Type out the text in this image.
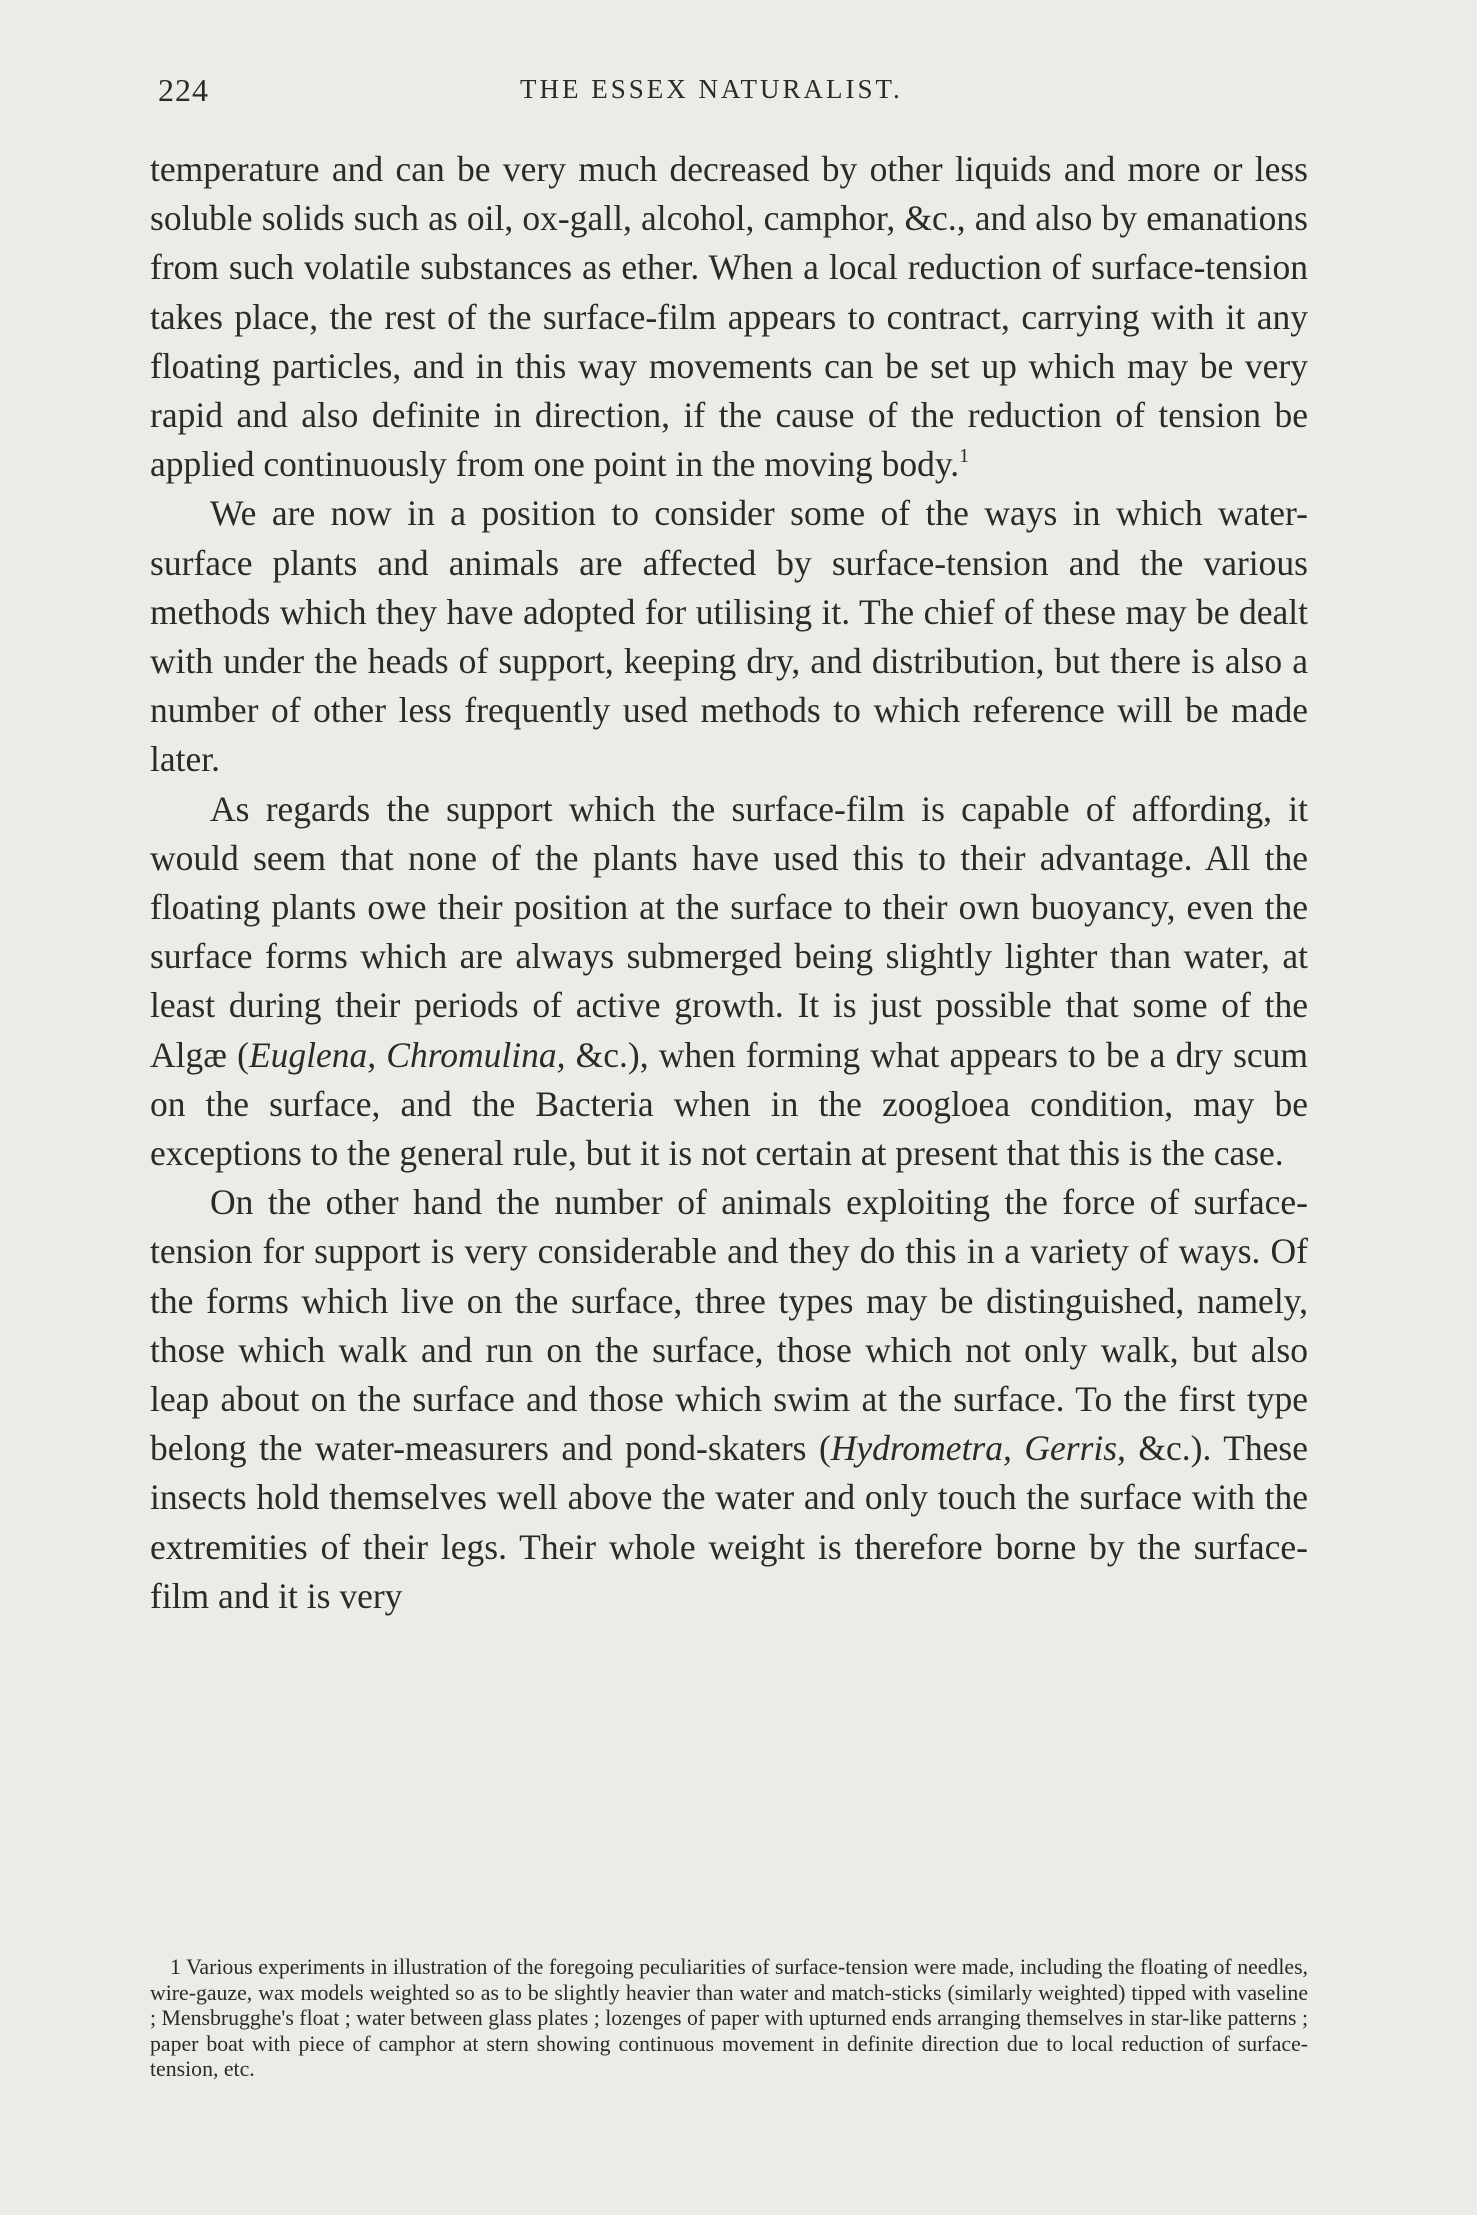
224	THE ESSEX NATURALIST.

temperature and can be very much decreased by other liquids and more or less soluble solids such as oil, ox-gall, alcohol, camphor, &c., and also by emanations from such volatile substances as ether. When a local reduction of surface-tension takes place, the rest of the surface-film appears to contract, carrying with it any floating particles, and in this way movements can be set up which may be very rapid and also definite in direction, if the cause of the reduction of tension be applied continuously from one point in the moving body.$^1$

We are now in a position to consider some of the ways in which water-surface plants and animals are affected by surface-tension and the various methods which they have adopted for utilising it. The chief of these may be dealt with under the heads of support, keeping dry, and distribution, but there is also a number of other less frequently used methods to which reference will be made later.

As regards the support which the surface-film is capable of affording, it would seem that none of the plants have used this to their advantage. All the floating plants owe their position at the surface to their own buoyancy, even the surface forms which are always submerged being slightly lighter than water, at least during their periods of active growth. It is just possible that some of the Algæ (Euglena, Chromulina, &c.), when forming what appears to be a dry scum on the surface, and the Bacteria when in the zoogloea condition, may be exceptions to the general rule, but it is not certain at present that this is the case.

On the other hand the number of animals exploiting the force of surface-tension for support is very considerable and they do this in a variety of ways. Of the forms which live on the surface, three types may be distinguished, namely, those which walk and run on the surface, those which not only walk, but also leap about on the surface and those which swim at the surface. To the first type belong the water-measurers and pond-skaters (Hydrometra, Gerris, &c.). These insects hold themselves well above the water and only touch the surface with the extremities of their legs. Their whole weight is therefore borne by the surface-film and it is very

1 Various experiments in illustration of the foregoing peculiarities of surface-tension were made, including the floating of needles, wire-gauze, wax models weighted so as to be slightly heavier than water and match-sticks (similarly weighted) tipped with vaseline ; Mensbrugghe's float ; water between glass plates ; lozenges of paper with upturned ends arranging themselves in star-like patterns ; paper boat with piece of camphor at stern showing continuous movement in definite direction due to local reduction of surface-tension, etc.
